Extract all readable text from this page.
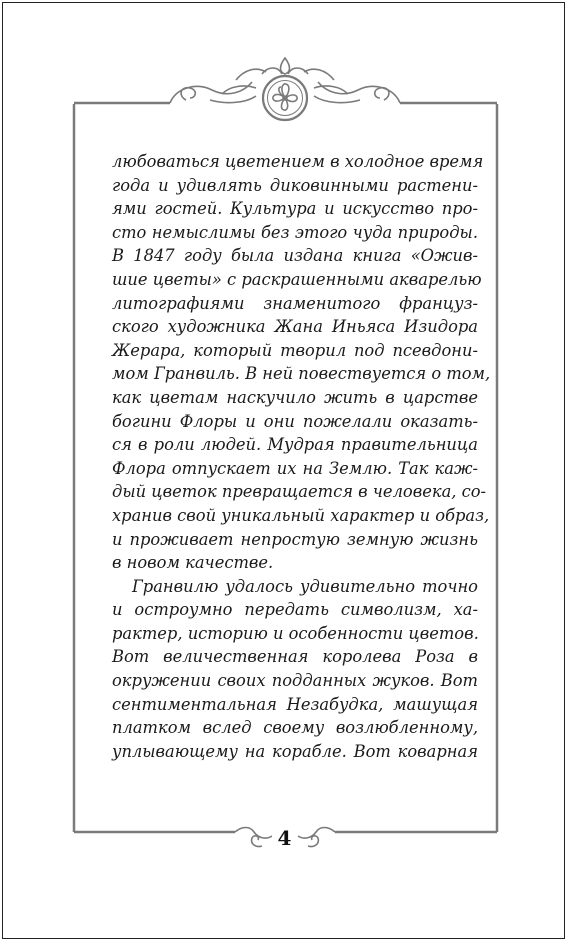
любоваться цветением в холодное время
года и удивлять диковинными растени-
ями гостей. Культура и искусство про-
сто немыслимы без этого чуда природы.
В 1847 году была издана книга «Ожив-
шие цветы» с раскрашенными акварелью
литографиями знаменитого француз-
ского художника Жана Иньяса Изидора
Жерара, который творил под псевдони-
мом Гранвиль. В ней повествуется о том,
как цветам наскучило жить в царстве
богини Флоры и они пожелали оказать-
ся в роли людей. Мудрая правительница
Флора отпускает их на Землю. Так каж-
дый цветок превращается в человека, со-
хранив свой уникальный характер и образ,
и проживает непростую земную жизнь
в новом качестве.

Гранвилю удалось удивительно точно
и остроумно передать символизм, ха-
рактер, историю и особенности цветов.
Вот величественная королева Роза в
окружении своих подданных жуков. Вот
сентиментальная Незабудка, машущая
платком вслед своему возлюбленному,
уплывающему на корабле. Вот коварная

4
